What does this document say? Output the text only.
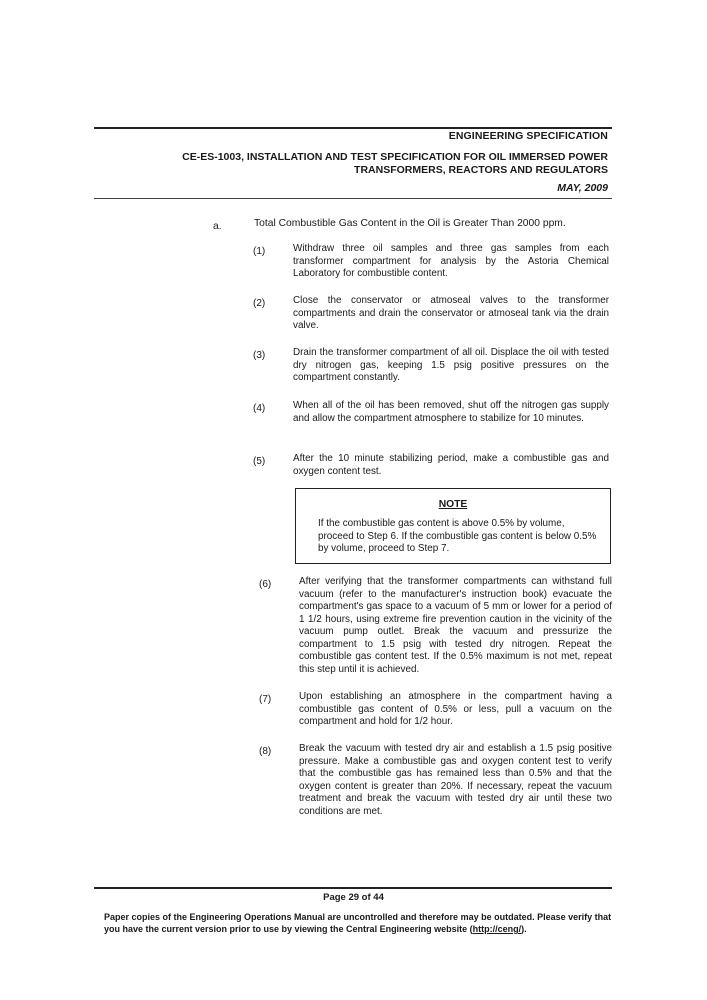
ENGINEERING SPECIFICATION
CE-ES-1003, INSTALLATION AND TEST SPECIFICATION FOR OIL IMMERSED POWER
TRANSFORMERS, REACTORS AND REGULATORS
MAY, 2009
a.	Total Combustible Gas Content in the Oil is Greater Than 2000 ppm.
(1)	Withdraw three oil samples and three gas samples from each transformer compartment for analysis by the Astoria Chemical Laboratory for combustible content.
(2)	Close the conservator or atmoseal valves to the transformer compartments and drain the conservator or atmoseal tank via the drain valve.
(3)	Drain the transformer compartment of all oil. Displace the oil with tested dry nitrogen gas, keeping 1.5 psig positive pressures on the compartment constantly.
(4)	When all of the oil has been removed, shut off the nitrogen gas supply and allow the compartment atmosphere to stabilize for 10 minutes.
(5)	After the 10 minute stabilizing period, make a combustible gas and oxygen content test.
NOTE
If the combustible gas content is above 0.5% by volume, proceed to Step 6. If the combustible gas content is below 0.5% by volume, proceed to Step 7.
(6)	After verifying that the transformer compartments can withstand full vacuum (refer to the manufacturer's instruction book) evacuate the compartment's gas space to a vacuum of 5 mm or lower for a period of 1 1/2 hours, using extreme fire prevention caution in the vicinity of the vacuum pump outlet. Break the vacuum and pressurize the compartment to 1.5 psig with tested dry nitrogen. Repeat the combustible gas content test. If the 0.5% maximum is not met, repeat this step until it is achieved.
(7)	Upon establishing an atmosphere in the compartment having a combustible gas content of 0.5% or less, pull a vacuum on the compartment and hold for 1/2 hour.
(8)	Break the vacuum with tested dry air and establish a 1.5 psig positive pressure. Make a combustible gas and oxygen content test to verify that the combustible gas has remained less than 0.5% and that the oxygen content is greater than 20%. If necessary, repeat the vacuum treatment and break the vacuum with tested dry air until these two conditions are met.
Page 29 of 44
Paper copies of the Engineering Operations Manual are uncontrolled and therefore may be outdated. Please verify that you have the current version prior to use by viewing the Central Engineering website (http://ceng/).
